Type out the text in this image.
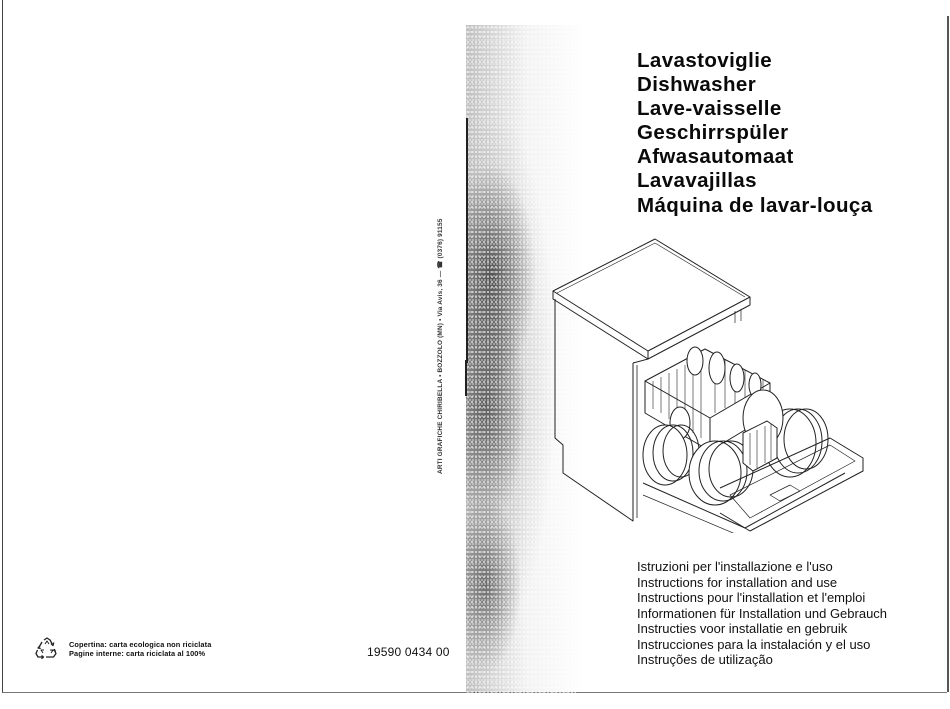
ARTI GRAFICHE CHIRIBELLA • BOZZOLO (MN) • Via Avis, 36 — ☎ (0376) 91155
Copertina: carta ecologica non riciclata
Pagine interne: carta riciclata al 100%	19590 0434 00
Lavastoviglie
Dishwasher
Lave-vaisselle
Geschirrspüler
Afwasautomaat
Lavavajillas
Máquina de lavar-louça
Istruzioni per l'installazione e l'uso
Instructions for installation and use
Instructions pour l'installation et l'emploi
Informationen für Installation und Gebrauch
Instructies voor installatie en gebruik
Instrucciones para la instalación y el uso
Instruções de utilização
